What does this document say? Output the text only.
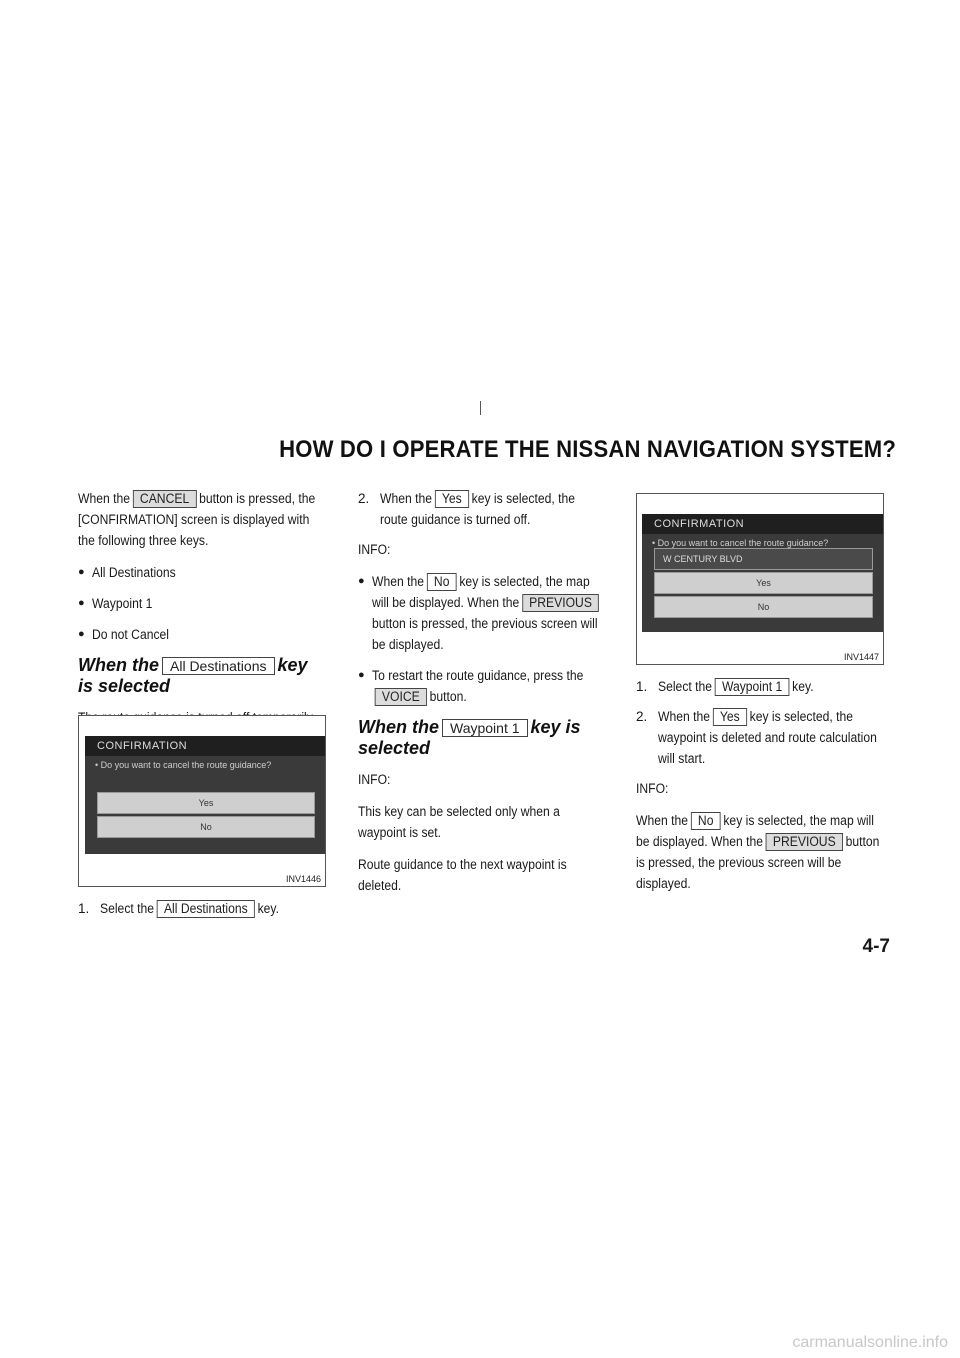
HOW DO I OPERATE THE NISSAN NAVIGATION SYSTEM?

When the CANCEL button is pressed, the [CONFIRMATION] screen is displayed with the following three keys.

● All Destinations
● Waypoint 1
● Do not Cancel
When the All Destinations key is selected

CONFIRMATION
• Do you want to cancel the route guidance?
Yes
No
INV1446
1. Select the All Destinations key.
2. When the Yes key is selected, the route guidance is turned off.

INFO:

● When the No key is selected, the map will be displayed. When the PREVIOUSbutton is pressed, the previous screen will be displayed.
● To restart the route guidance, press theVOICE button.
When the Waypoint 1 key is selected

INFO:

This key can be selected only when a waypoint is set.

Route guidance to the next waypoint is deleted.

CONFIRMATION
• Do you want to cancel the route guidance?
W CENTURY BLVD
Yes
No
INV1447
1. Select the Waypoint 1 key.
2. When the Yes key is selected, the waypoint is deleted and route calculation will start.

INFO:

When the No key is selected, the map will be displayed. When the PREVIOUS button is pressed, the previous screen will be displayed.

4-7
carmanualsonline.info
